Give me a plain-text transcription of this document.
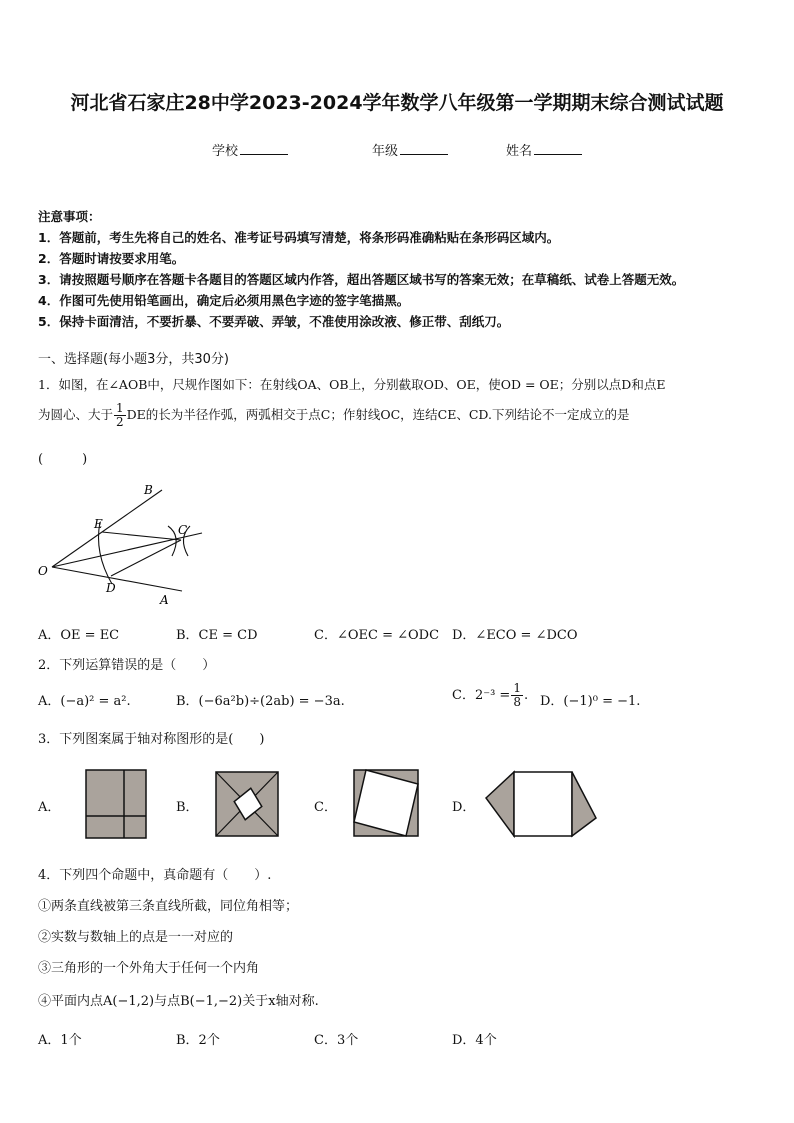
河北省石家庄28中学2023-2024学年数学八年级第一学期期末综合测试试题
学校	年级	姓名
注意事项：
1．答题前，考生先将自己的姓名、准考证号码填写清楚，将条形码准确粘贴在条形码区域内。
2．答题时请按要求用笔。
3．请按照题号顺序在答题卡各题目的答题区域内作答，超出答题区域书写的答案无效；在草稿纸、试卷上答题无效。
4．作图可先使用铅笔画出，确定后必须用黑色字迹的签字笔描黑。
5．保持卡面清洁，不要折暴、不要弄破、弄皱，不准使用涂改液、修正带、刮纸刀。
一、选择题(每小题3分，共30分)
1．如图，在∠AOB中，尺规作图如下：在射线OA、OB上，分别截取OD、OE，使OD = OE；分别以点D和点E
为圆心、大于 $\frac{1}{2}$ DE的长为半径作弧，两弧相交于点C；作射线OC，连结CE、CD.下列结论不一定成立的是
(　　　)
B
E	C
O
D
A
A．OE = EC	B．CE = CD	C．∠OEC = ∠ODC D．∠ECO = ∠DCO
2．下列运算错误的是（　　）
A．(−a)² = a².	B．(−6a²b)÷(2ab) = −3a.	C．$2^{-3} = \frac{1}{8}$ . D．(−1)⁰ = −1.
3．下列图案属于轴对称图形的是(　　)
A．	B．	C．	D．
4．下列四个命题中，真命题有（　　）.
①两条直线被第三条直线所截，同位角相等；
②实数与数轴上的点是一一对应的
③三角形的一个外角大于任何一个内角
④平面内点A(−1,2)与点B(−1,−2)关于x轴对称.
A．1个	B．2个	C．3个	D．4个
